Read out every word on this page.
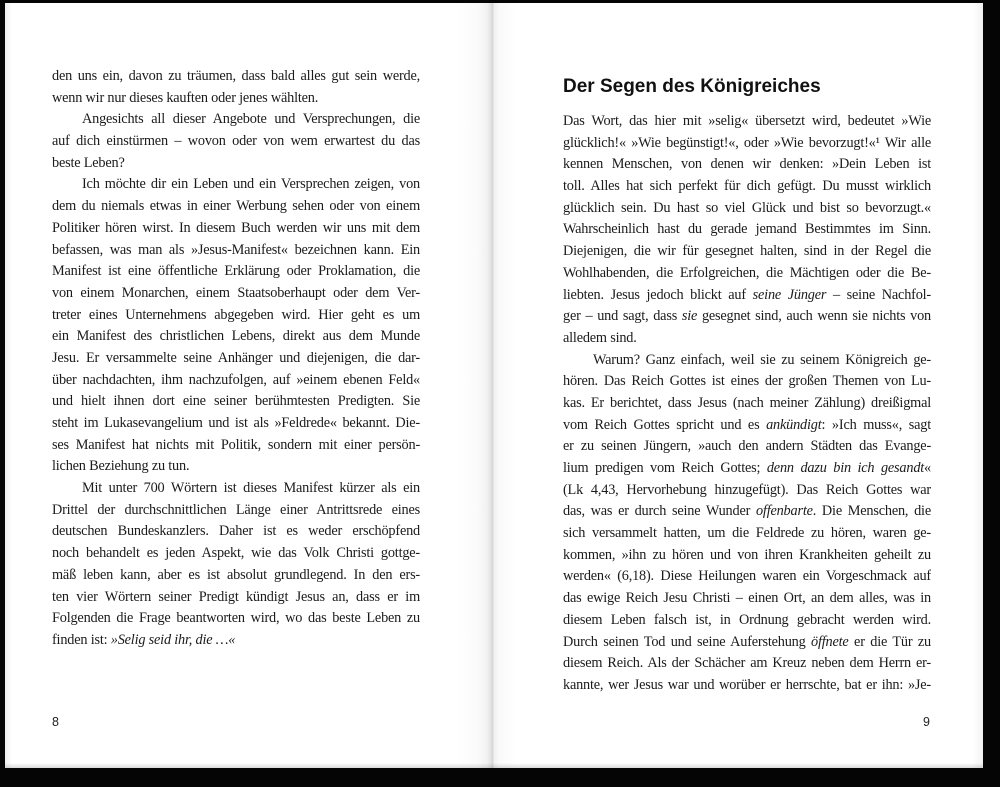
den uns ein, davon zu träumen, dass bald alles gut sein werde,
wenn wir nur dieses kauften oder jenes wählten.
Angesichts all dieser Angebote und Versprechungen, die
auf dich einstürmen – wovon oder von wem erwartest du das
beste Leben?
Ich möchte dir ein Leben und ein Versprechen zeigen, von
dem du niemals etwas in einer Werbung sehen oder von einem
Politiker hören wirst. In diesem Buch werden wir uns mit dem
befassen, was man als »Jesus-Manifest« bezeichnen kann. Ein
Manifest ist eine öffentliche Erklärung oder Proklamation, die
von einem Monarchen, einem Staatsoberhaupt oder dem Ver-
treter eines Unternehmens abgegeben wird. Hier geht es um
ein Manifest des christlichen Lebens, direkt aus dem Munde
Jesu. Er versammelte seine Anhänger und diejenigen, die dar-
über nachdachten, ihm nachzufolgen, auf »einem ebenen Feld«
und hielt ihnen dort eine seiner berühmtesten Predigten. Sie
steht im Lukasevangelium und ist als »Feldrede« bekannt. Die-
ses Manifest hat nichts mit Politik, sondern mit einer persön-
lichen Beziehung zu tun.
Mit unter 700 Wörtern ist dieses Manifest kürzer als ein
Drittel der durchschnittlichen Länge einer Antrittsrede eines
deutschen Bundeskanzlers. Daher ist es weder erschöpfend
noch behandelt es jeden Aspekt, wie das Volk Christi gottge-
mäß leben kann, aber es ist absolut grundlegend. In den ers-
ten vier Wörtern seiner Predigt kündigt Jesus an, dass er im
Folgenden die Frage beantworten wird, wo das beste Leben zu
finden ist: »Selig seid ihr, die …«
8
Der Segen des Königreiches
Das Wort, das hier mit »selig« übersetzt wird, bedeutet »Wie
glücklich!« »Wie begünstigt!«, oder »Wie bevorzugt!«¹ Wir alle
kennen Menschen, von denen wir denken: »Dein Leben ist
toll. Alles hat sich perfekt für dich gefügt. Du musst wirklich
glücklich sein. Du hast so viel Glück und bist so bevorzugt.«
Wahrscheinlich hast du gerade jemand Bestimmtes im Sinn.
Diejenigen, die wir für gesegnet halten, sind in der Regel die
Wohlhabenden, die Erfolgreichen, die Mächtigen oder die Be-
liebten. Jesus jedoch blickt auf seine Jünger – seine Nachfol-
ger – und sagt, dass sie gesegnet sind, auch wenn sie nichts von
alledem sind.
Warum? Ganz einfach, weil sie zu seinem Königreich ge-
hören. Das Reich Gottes ist eines der großen Themen von Lu-
kas. Er berichtet, dass Jesus (nach meiner Zählung) dreißigmal
vom Reich Gottes spricht und es ankündigt: »Ich muss«, sagt
er zu seinen Jüngern, »auch den andern Städten das Evange-
lium predigen vom Reich Gottes; denn dazu bin ich gesandt«
(Lk 4,43, Hervorhebung hinzugefügt). Das Reich Gottes war
das, was er durch seine Wunder offenbarte. Die Menschen, die
sich versammelt hatten, um die Feldrede zu hören, waren ge-
kommen, »ihn zu hören und von ihren Krankheiten geheilt zu
werden« (6,18). Diese Heilungen waren ein Vorgeschmack auf
das ewige Reich Jesu Christi – einen Ort, an dem alles, was in
diesem Leben falsch ist, in Ordnung gebracht werden wird.
Durch seinen Tod und seine Auferstehung öffnete er die Tür zu
diesem Reich. Als der Schächer am Kreuz neben dem Herrn er-
kannte, wer Jesus war und worüber er herrschte, bat er ihn: »Je-
9
